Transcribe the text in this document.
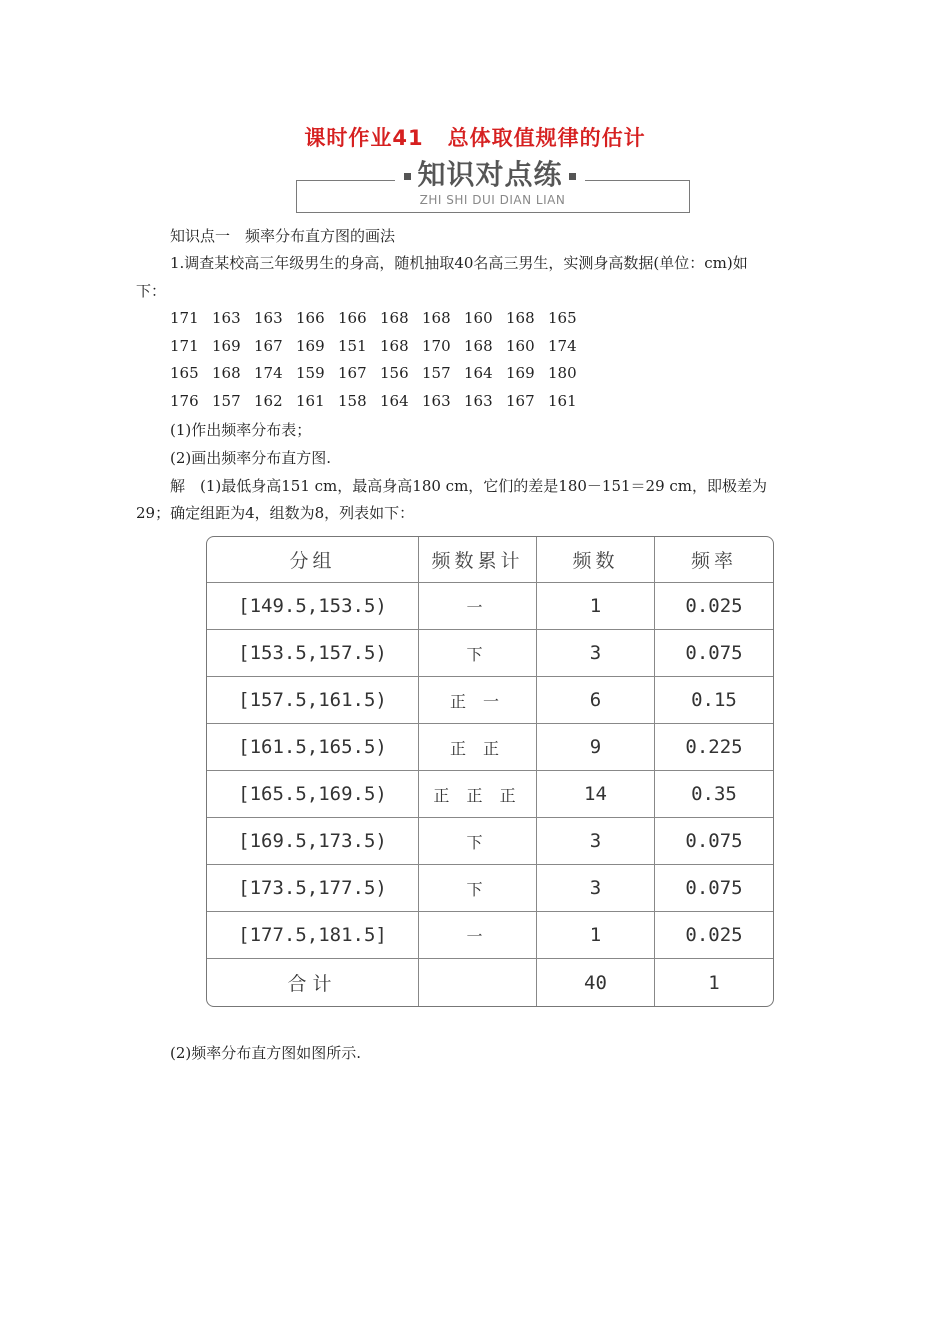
课时作业41 总体取值规律的估计
知识对点练
ZHI SHI DUI DIAN LIAN
知识点一　频率分布直方图的画法
1.调查某校高三年级男生的身高，随机抽取40名高三男生，实测身高数据(单位：cm)如
下：
171 163 163 166 166 168 168 160 168 165
171 169 167 169 151 168 170 168 160 174
165 168 174 159 167 156 157 164 169 180
176 157 162 161 158 164 163 163 167 161
(1)作出频率分布表；
(2)画出频率分布直方图.
解　(1)最低身高151 cm，最高身高180 cm，它们的差是180－151＝29 cm，即极差为
29；确定组距为4，组数为8，列表如下：
分组	频数累计	频数	频率
[149.5,153.5)	一	1	0.025
[153.5,157.5)	下	3	0.075
[157.5,161.5)	正 一	6	0.15
[161.5,165.5)	正 正	9	0.225
[165.5,169.5)	正 正 正	14	0.35
[169.5,173.5)	下	3	0.075
[173.5,177.5)	下	3	0.075
[177.5,181.5]	一	1	0.025
合计		40	1
(2)频率分布直方图如图所示.
